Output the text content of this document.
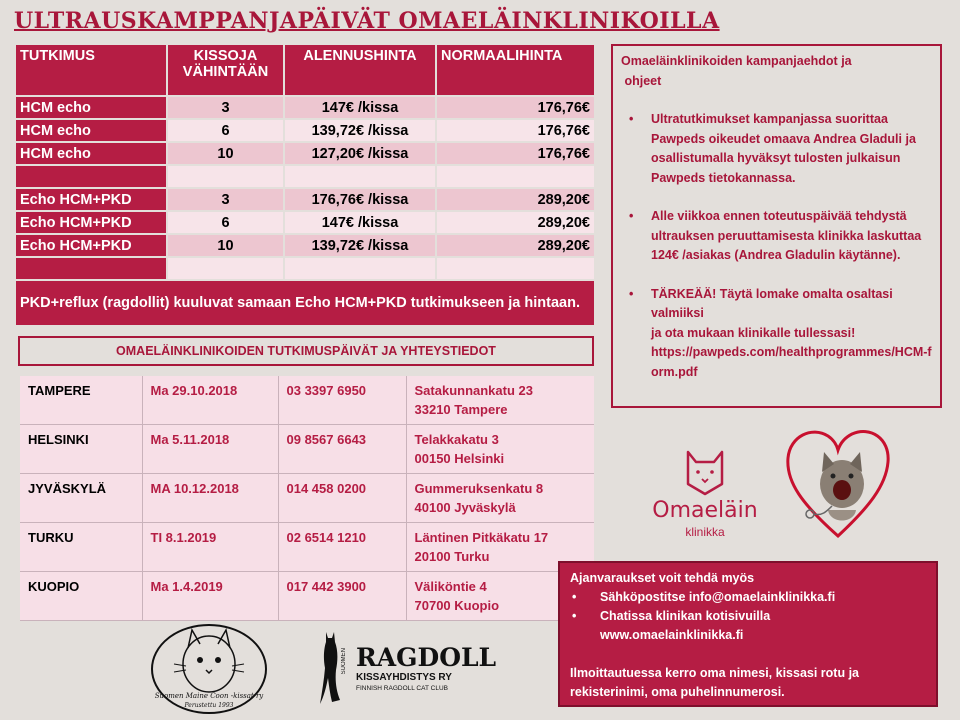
ULTRAUSKAMPPANJAPÄIVÄT OMAELÄINKLINIKOILLA
TUTKIMUS	KISSOJA VÄHINTÄÄN	ALENNUSHINTA	NORMAALIHINTA
HCM echo	3	147€ /kissa	176,76€
HCM echo	6	139,72€ /kissa	176,76€
HCM echo	10	127,20€ /kissa	176,76€

Echo HCM+PKD	3	176,76€ /kissa	289,20€
Echo HCM+PKD	6	147€ /kissa	289,20€
Echo HCM+PKD	10	139,72€ /kissa	289,20€

PKD+reflux (ragdollit) kuuluvat samaan Echo HCM+PKD tutkimukseen ja hintaan.			
OMAELÄINKLINIKOIDEN TUTKIMUSPÄIVÄT JA YHTEYSTIEDOT
TAMPERE	Ma 29.10.2018	03 3397 6950	Satakunnankatu 23
33210 Tampere

HELSINKI	Ma 5.11.2018	09 8567 6643	Telakkakatu 3
00150 Helsinki

JYVÄSKYLÄ	MA 10.12.2018	014 458 0200	Gummeruksenkatu 8
40100 Jyväskylä

TURKU	TI 8.1.2019	02 6514 1210	Läntinen Pitkäkatu 17
20100 Turku

KUOPIO	Ma 1.4.2019	017 442 3900	Väliköntie 4
70700 Kuopio
Omaeläinklinikoiden kampanjaehdot ja
ohjeet
• Ultratutkimukset kampanjassa suorittaa Pawpeds oikeudet omaava Andrea Gladuli ja osallistumalla hyväksyt tulosten julkaisun Pawpeds tietokannassa.
• Alle viikkoa ennen toteutuspäivää tehdystä ultrauksen peruuttamisesta klinikka laskuttaa 124€ /asiakas (Andrea Gladulin käytänne).
• TÄRKEÄÄ! Täytä lomake omalta osaltasi valmiiksi
ja ota mukaan klinikalle tullessasi!
https://pawpeds.com/healthprogrammes/HCM-form.pdf
Omaeläin
klinikka
Ajanvaraukset voit tehdä myös
• Sähköpostitse info@omaelainklinikka.fi
• Chatissa klinikan kotisivuilla
www.omaelainklinikka.fi
Ilmoittautuessa kerro oma nimesi, kissasi rotu ja rekisterinimi, oma puhelinnumerosi.
Suomen Maine Coon -kissat ry
Perustettu 1993
SUOMEN RAGDOLL
KISSAYHDISTYS RY
FINNISH RAGDOLL CAT CLUB
